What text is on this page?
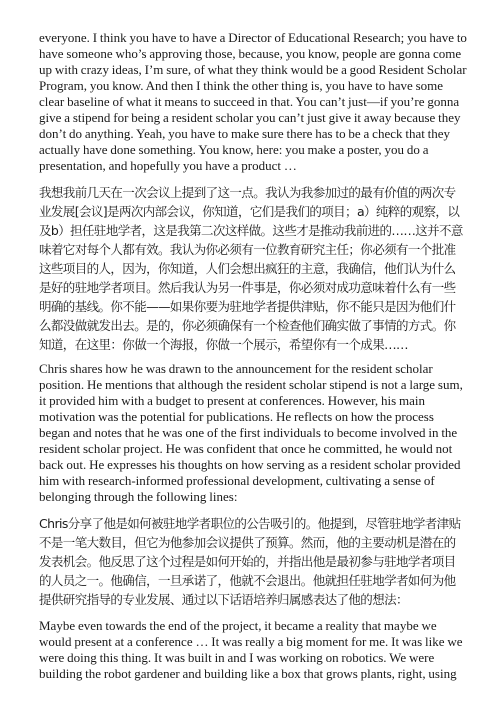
everyone. I think you have to have a Director of Educational Research; you have to have someone who’s approving those, because, you know, people are gonna come up with crazy ideas, I’m sure, of what they think would be a good Resident Scholar Program, you know. And then I think the other thing is, you have to have some clear baseline of what it means to succeed in that. You can’t just—if you’re gonna give a stipend for being a resident scholar you can’t just give it away because they don’t do anything. Yeah, you have to make sure there has to be a check that they actually have done something. You know, here: you make a poster, you do a presentation, and hopefully you have a product …

我想我前几天在一次会议上提到了这一点。我认为我参加过的最有价值的两次专业发展[会议]是两次内部会议，你知道，它们是我们的项目；a）纯粹的观察，以及b）担任驻地学者，这是我第二次这样做。这些才是推动我前进的……这并不意味着它对每个人都有效。我认为你必须有一位教育研究主任；你必须有一个批准这些项目的人，因为，你知道，人们会想出疯狂的主意，我确信，他们认为什么是好的驻地学者项目。然后我认为另一件事是，你必须对成功意味着什么有一些明确的基线。你不能——如果你要为驻地学者提供津贴，你不能只是因为他们什么都没做就发出去。是的，你必须确保有一个检查他们确实做了事情的方式。你知道，在这里：你做一个海报，你做一个展示，希望你有一个成果……

Chris shares how he was drawn to the announcement for the resident scholar position. He mentions that although the resident scholar stipend is not a large sum, it provided him with a budget to present at conferences. However, his main motivation was the potential for publications. He reflects on how the process began and notes that he was one of the first individuals to become involved in the resident scholar project. He was confident that once he committed, he would not back out. He expresses his thoughts on how serving as a resident scholar provided him with research-informed professional development, cultivating a sense of belonging through the following lines:

Chris分享了他是如何被驻地学者职位的公告吸引的。他提到，尽管驻地学者津贴不是一笔大数目，但它为他参加会议提供了预算。然而，他的主要动机是潜在的发表机会。他反思了这个过程是如何开始的，并指出他是最初参与驻地学者项目的人员之一。他确信，一旦承诺了，他就不会退出。他就担任驻地学者如何为他提供研究指导的专业发展、通过以下话语培养归属感表达了他的想法：

Maybe even towards the end of the project, it became a reality that maybe we would present at a conference … It was really a big moment for me. It was like we were doing this thing. It was built in and I was working on robotics. We were building the robot gardener and building like a box that grows plants, right, using
